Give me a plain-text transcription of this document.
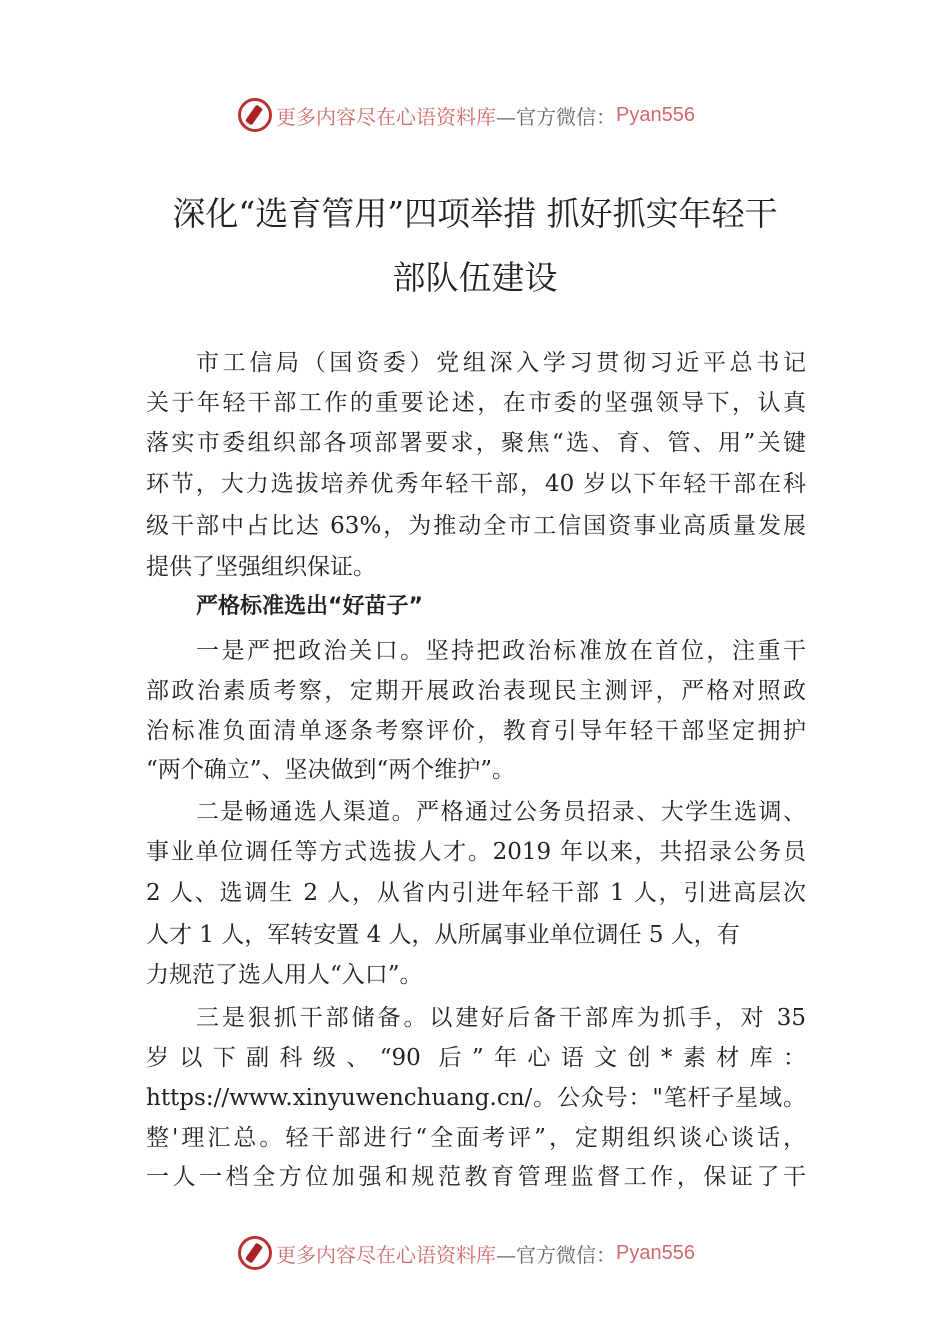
更多内容尽在心语资料库 —官方微信： Pyan556
深化“选育管用”四项举措 抓好抓实年轻干
部队伍建设
市工信局（国资委）党组深入学习贯彻习近平总书记
关于年轻干部工作的重要论述，在市委的坚强领导下，认真
落实市委组织部各项部署要求，聚焦“选、育、管、用”关键
环节，大力选拔培养优秀年轻干部，40 岁以下年轻干部在科
级干部中占比达 63%，为推动全市工信国资事业高质量发展
提供了坚强组织保证。
严格标准选出“好苗子”
一是严把政治关口。坚持把政治标准放在首位，注重干
部政治素质考察，定期开展政治表现民主测评，严格对照政
治标准负面清单逐条考察评价，教育引导年轻干部坚定拥护
“两个确立”、坚决做到“两个维护”。
二是畅通选人渠道。严格通过公务员招录、大学生选调、
事业单位调任等方式选拔人才。2019 年以来，共招录公务员
2 人、选调生 2 人，从省内引进年轻干部 1 人，引进高层次
人才 1 人，军转安置 4 人，从所属事业单位调任 5 人，有
力规范了选人用人“入口”。
三是狠抓干部储备。以建好后备干部库为抓手，对 35
岁以下副科级、“90 后”年心语文创*素材库：
https://www.xinyuwenchuang.cn/。公众号："笔杆子星域。
整'理汇总。轻干部进行“全面考评”，定期组织谈心谈话，
一人一档全方位加强和规范教育管理监督工作，保证了干
更多内容尽在心语资料库 —官方微信： Pyan556
